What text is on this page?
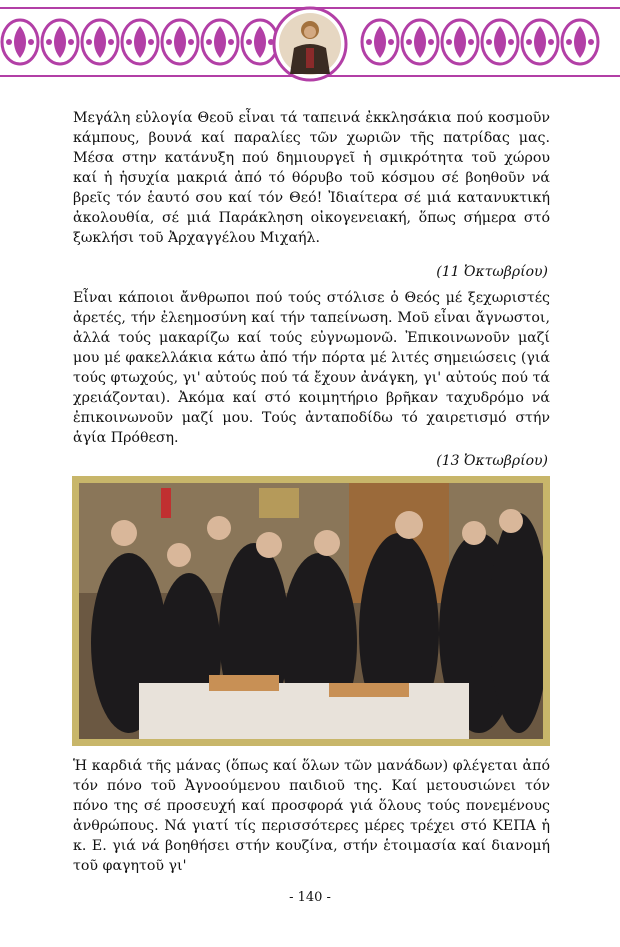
Μεγάλη εὐλογία Θεοῦ εἶναι τά ταπεινά ἐκκλησάκια πού κοσμοῦν κάμπους, βουνά καί παραλίες τῶν χωριῶν τῆς πατρίδας μας. Μέσα στην κατάνυξη πού δημιουργεῖ ἡ σμικρότητα τοῦ χώρου καί ἡ ἡσυχία μακριά ἀπό τό θόρυβο τοῦ κόσμου σέ βοηθοῦν νά βρεῖς τόν ἑαυτό σου καί τόν Θεό! Ἰδιαίτερα σέ μιά κατανυκτική ἀκολουθία, σέ μιά Παράκληση οἰκογενειακή, ὅπως σήμερα στό ξωκλήσι τοῦ Ἀρχαγγέλου Μιχαήλ.

(11 Ὀκτωβρίου)

Εἶναι κάποιοι ἄνθρωποι πού τούς στόλισε ὁ Θεός μέ ξεχωριστές ἀρετές, τήν ἐλεημοσύνη καί τήν ταπείνωση. Μοῦ εἶναι ἄγνωστοι, ἀλλά τούς μακαρίζω καί τούς εὐγνωμονῶ. Ἐπικοινωνοῦν μαζί μου μέ φακελλάκια κάτω ἀπό τήν πόρτα μέ λιτές σημειώσεις (γιά τούς φτωχούς, γι' αὐτούς πού τά ἔχουν ἀνάγκη, γι' αὐτούς πού τά χρειάζονται). Ἀκόμα καί στό κοιμητήριο βρῆκαν ταχυδρόμο νά ἐπικοινωνοῦν μαζί μου. Τούς ἀνταποδίδω τό χαιρετισμό στήν ἁγία Πρόθεση.

(13 Ὀκτωβρίου)

Ἡ καρδιά τῆς μάνας (ὅπως καί ὅλων τῶν μανάδων) φλέγεται ἀπό τόν πόνο τοῦ Ἀγνοούμενου παιδιοῦ της. Καί μετουσιώνει τόν πόνο της σέ προσευχή καί προσφορά γιά ὅλους τούς πονεμένους ἀνθρώπους. Νά γιατί τίς περισσότερες μέρες τρέχει στό ΚΕΠΑ ἡ κ. Ε. γιά νά βοηθήσει στήν κουζίνα, στήν ἑτοιμασία καί διανομή τοῦ φαγητοῦ γι'

- 140 -
